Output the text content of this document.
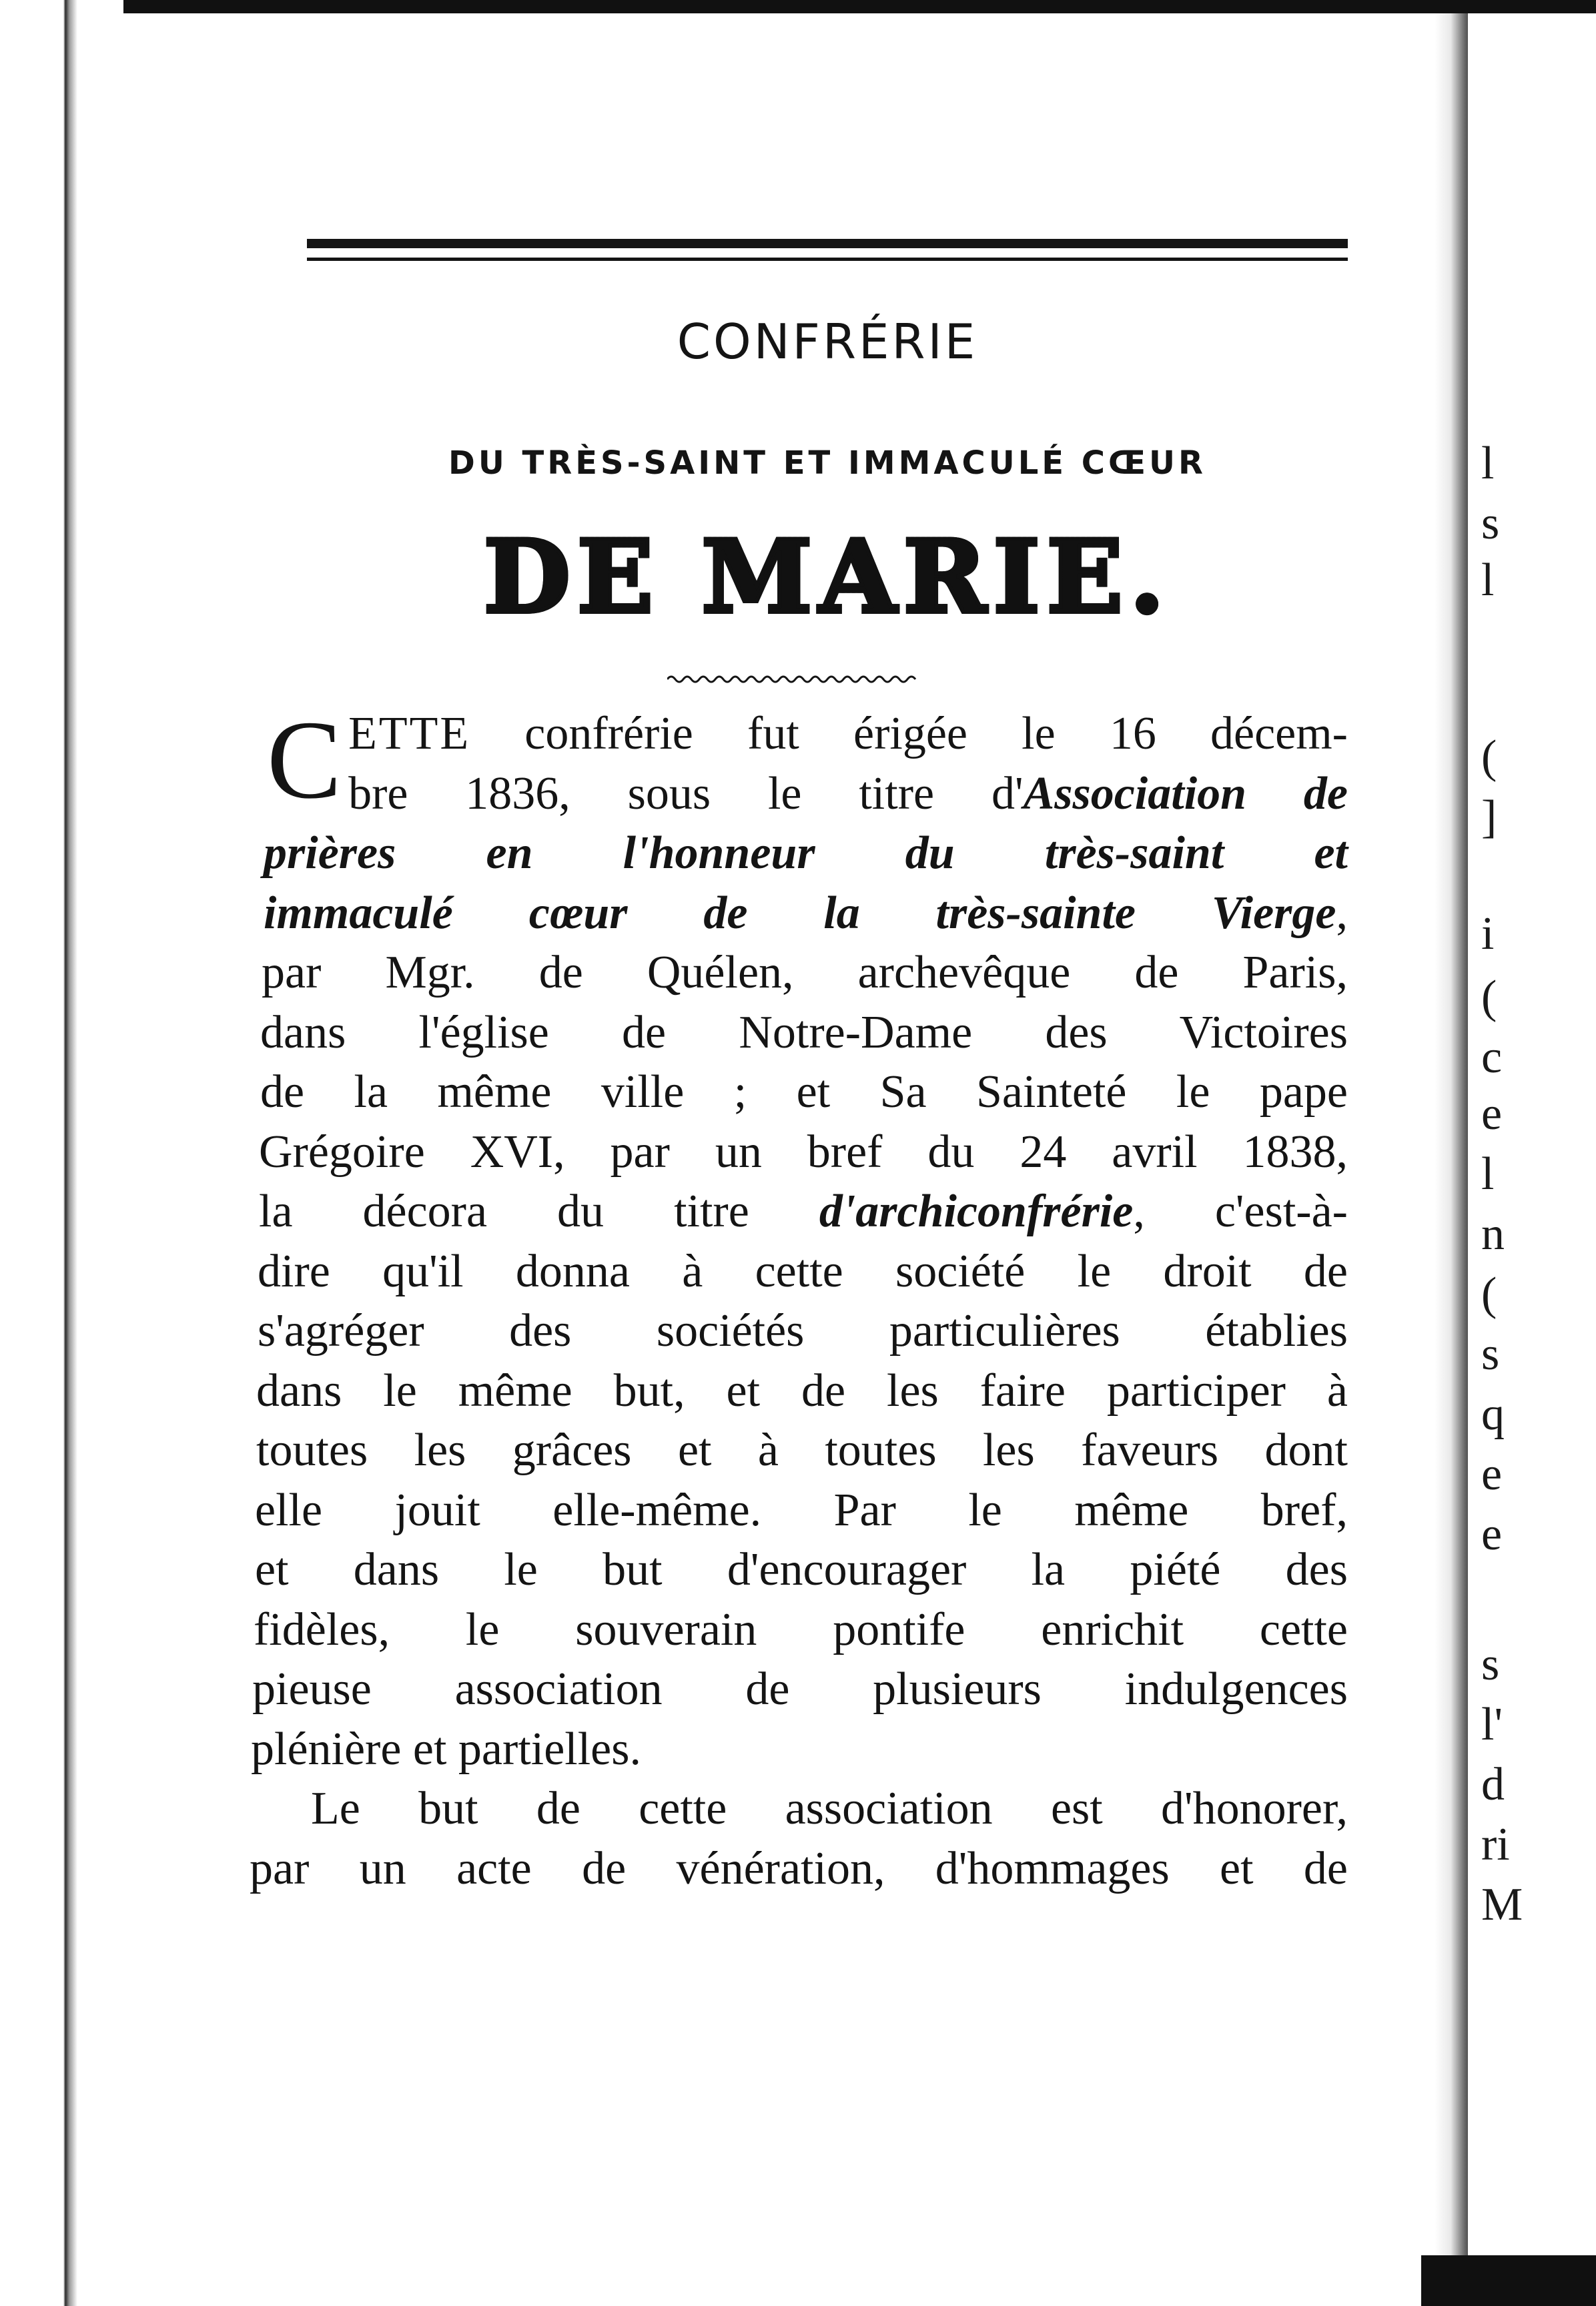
l
s
l
(
]
i
(
c
e
l
n
(
s
q
e
e
s
l'
d
ri
M
CONFRÉRIE
DU TRÈS-SAINT ET IMMACULÉ CŒUR
DE MARIE.
C ETTE confrérie fut érigée le 16 décem-
bre 1836, sous le titre d'Association de
prières en l'honneur du très-saint et
immaculé cœur de la très-sainte Vierge,
par Mgr. de Quélen, archevêque de Paris,
dans l'église de Notre-Dame des Victoires
de la même ville ; et Sa Sainteté le pape
Grégoire XVI, par un bref du 24 avril 1838,
la décora du titre d'archiconfrérie, c'est-à-
dire qu'il donna à cette société le droit de
s'agréger des sociétés particulières établies
dans le même but, et de les faire participer à
toutes les grâces et à toutes les faveurs dont
elle jouit elle-même. Par le même bref,
et dans le but d'encourager la piété des
fidèles, le souverain pontife enrichit cette
pieuse association de plusieurs indulgences
plénière et partielles.
Le but de cette association est d'honorer,
par un acte de vénération, d'hommages et de
